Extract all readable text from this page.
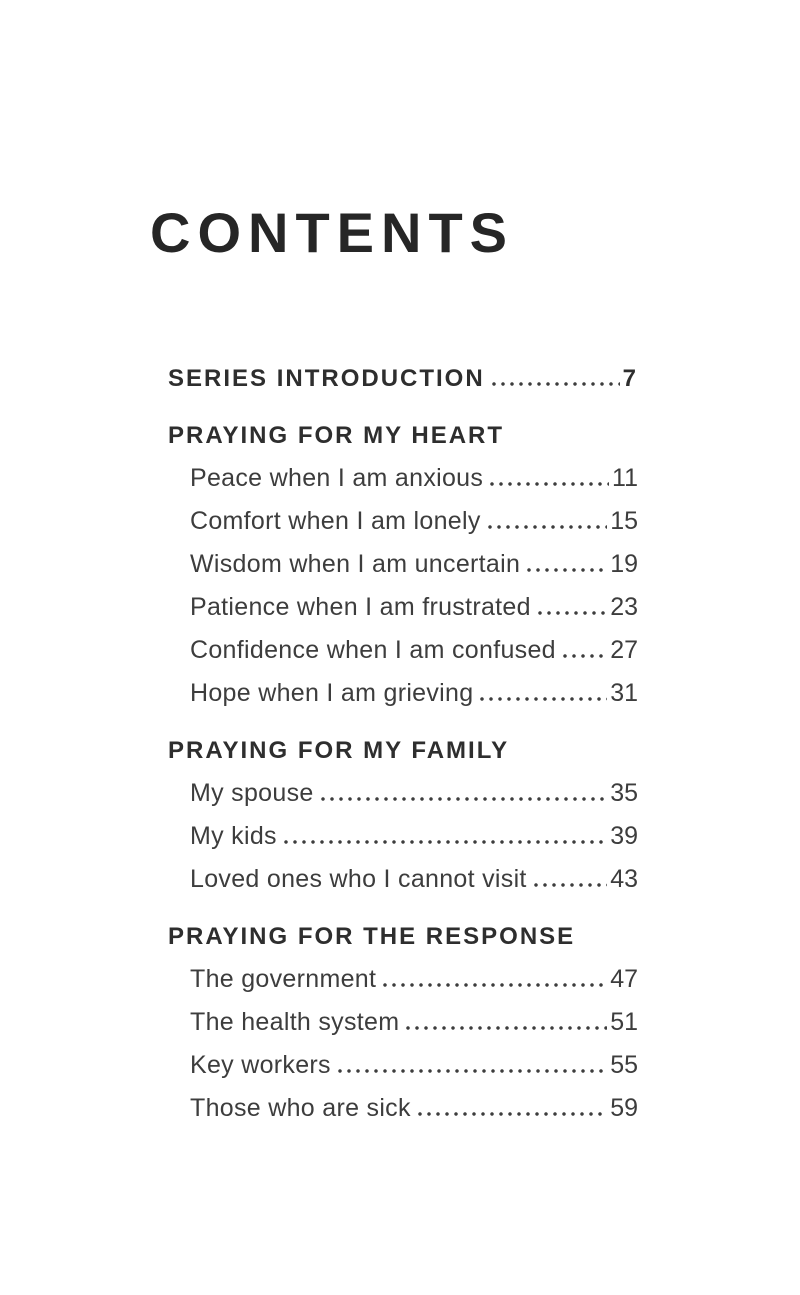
CONTENTS
SERIES INTRODUCTION	7
PRAYING FOR MY HEART
Peace when I am anxious	11
Comfort when I am lonely	15
Wisdom when I am uncertain	19
Patience when I am frustrated	23
Confidence when I am confused 27
Hope when I am grieving	31
PRAYING FOR MY FAMILY
My spouse	35
My kids	39
Loved ones who I cannot visit	43
PRAYING FOR THE RESPONSE
The government	47
The health system	51
Key workers	55
Those who are sick	59
